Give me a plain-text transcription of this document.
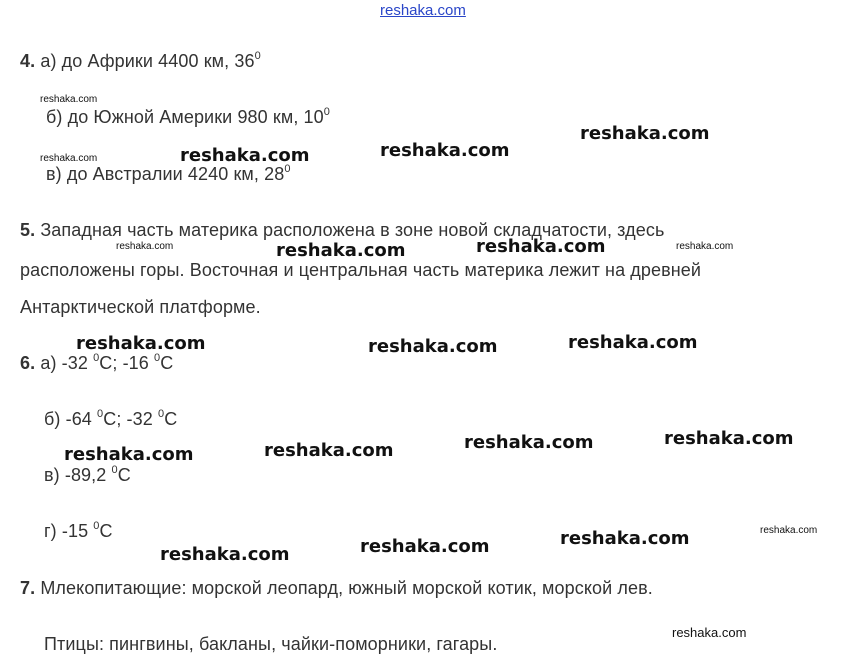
reshaka.com
4. а) до Африки 4400 км, $36^0$
б) до Южной Америки 980 км, $10^0$
в) до Австралии 4240 км, $28^0$
5. Западная часть материка расположена в зоне новой складчатости, здесь
расположены горы. Восточная и центральная часть материка лежит на древней
Антарктической платформе.
6. а) -32 $^0$С; -16 $^0$С
б) -64 $^0$С; -32 $^0$С
в) -89,2 $^0$С
г) -15 $^0$С
7. Млекопитающие: морской леопард, южный морской котик, морской лев.
Птицы: пингвины, бакланы, чайки-поморники, гагары.
reshaka.com
reshaka.com	reshaka.com
reshaka.com	reshaka.com
reshaka.com	reshaka.com	reshaka.com
reshaka.com
reshaka.com
reshaka.com
reshaka.com
reshaka.com
reshaka.com
reshaka.com
reshaka.com
reshaka.com
reshaka.com	reshaka.com
reshaka.com
reshaka.com
